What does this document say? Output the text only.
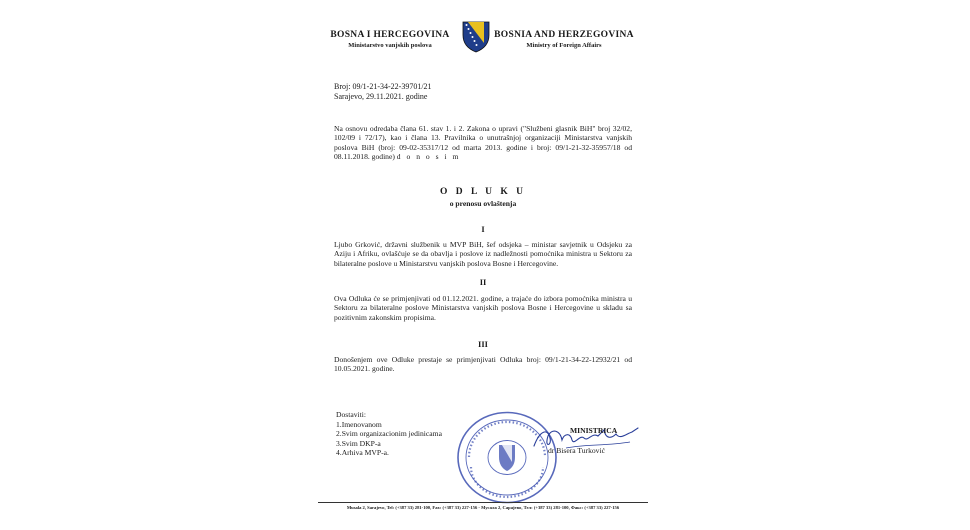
BOSNA I HERCEGOVINA
Ministarstvo vanjskih poslova
BOSNIA AND HERZEGOVINA
Ministry of Foreign Affairs
Broj: 09/1-21-34-22-39701/21
Sarajevo, 29.11.2021. godine
Na osnovu odredaba člana 61. stav 1. i 2. Zakona o upravi ("Službeni glasnik BiH" broj 32/02, 102/09 i 72/17), kao i člana 13. Pravilnika o unutrašnjoj organizaciji Ministarstva vanjskih poslova BiH (broj: 09-02-35317/12 od marta 2013. godine i broj: 09/1-21-32-35957/18 od 08.11.2018. godine) d o n o s i m
O D L U K U
o prenosu ovlaštenja
I
Ljubo Grković, državni službenik u MVP BiH, šef odsjeka – ministar savjetnik u Odsjeku za Aziju i Afriku, ovlašćuje se da obavlja i poslove iz nadležnosti pomoćnika ministra u Sektoru za bilateralne poslove u Ministarstvu vanjskih poslova Bosne i Hercegovine.
II
Ova Odluka će se primjenjivati od 01.12.2021. godine, a trajaće do izbora pomoćnika ministra u Sektoru za bilateralne poslove Ministarstva vanjskih poslova Bosne i Hercegovine u skladu sa pozitivnim zakonskim propisima.
III
Donošenjem ove Odluke prestaje se primjenjivati Odluka broj: 09/1-21-34-22-12932/21 od 10.05.2021. godine.
Dostaviti:
1.Imenovanom
2.Svim organizacionim jedinicama
3.Svim DKP-a
4.Arhiva MVP-a.
MINISTRICA
dr Bisera Turković
Musala 2, Sarajevo, Tel: (+387 33) 281-100, Fax: (+387 33) 227-156 - Мусала 2, Сарајево, Тел: (+387 33) 281-100, Факс: (+387 33) 227-156
